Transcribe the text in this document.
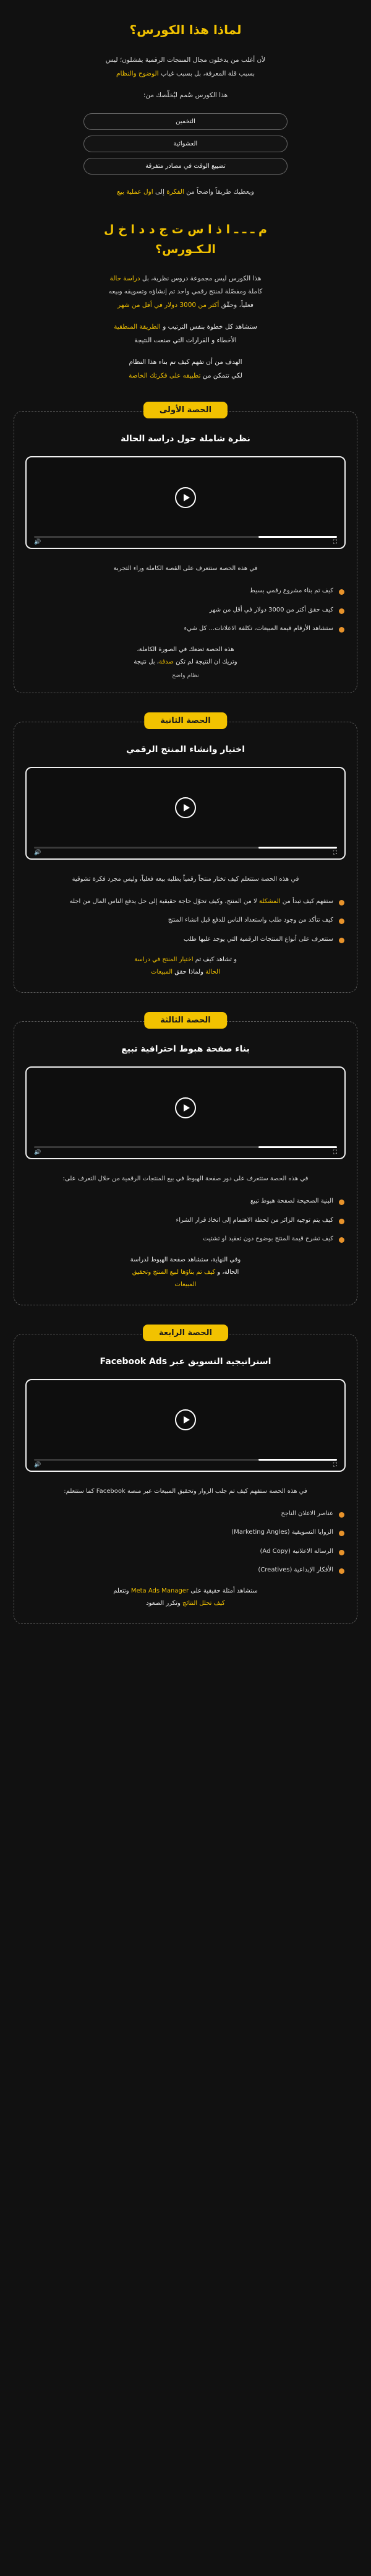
لماذا هذا الكورس؟

لأن أغلب من يدخلون مجال المنتجات الرقمية يفشلون؛ ليس
بسبب قلة المعرفة، بل بسبب غياب الوضوح والنظام

هذا الكورس صُمم ليُخلّصك من:

التخمين
العشوائية
تضييع الوقت في مصادر متفرقة

ويعطيك طريقاً واضحاً من الفكرة إلى اول عملية بيع

م ـ ـ ـ ا ذ ا س ت ج د د ا خ ل
الـكـورس؟

هذا الكورس ليس مجموعة دروس نظرية، بل دراسة حالة
كاملة ومفصّلة لمنتج رقمي واحد تم إنشاؤه وتسويقه وبيعه
فعلياً، وحقّق أكثر من 3000 دولار في أقل من شهر

ستشاهد كل خطوة بنفس الترتيب و الطريقة المنطقية
الأخطاء و القرارات التي صنعت النتيجة

الهدف من أن تفهم كيف تم بناء هذا النظام
لكي تتمكن من تطبيقه على فكرتك الخاصة

الحصة الأولى
نظرة شاملة حول دراسة الحالة
🔊	⛶

في هذه الحصة ستتعرف على القصة الكاملة وراء التجربة

كيف تم بناء مشروع رقمي بسيط
كيف حقق أكثر من 3000 دولار في أقل من شهر
ستشاهد الأرقام قيمة المبيعات، تكلفة الاعلانات... كل شيء

هذه الحصة تضعك في الصورة الكاملة،
وتريك ان النتيجة لم تكن صدفة، بل نتيجة

نظام واضح

الحصة الثانية
اختيار وانشاء المنتج الرقمي
🔊	⛶

في هذه الحصة ستتعلم كيف تختار منتجاً رقمياً يطلبه بيعه فعلياً، وليس مجرد فكرة تشوقية

ستفهم كيف تبدأ من المشكلة لا من المنتج، وكيف تحوّل حاجة حقيقية إلى حل يدفع الناس المال من اجله
كيف تتأكد من وجود طلب واستعداد الناس للدفع قبل انشاء المنتج
ستتعرف على أنواع المنتجات الرقمية التي يوجد عليها طلب

و تشاهد كيف تم اختيار المنتج في دراسة
الحالة ولماذا حقق المبيعات

الحصة الثالثة
بناء صفحة هبوط احترافية تبيع
🔊	⛶

في هذه الحصة ستتعرف على دور صفحة الهبوط في بيع المنتجات الرقمية من خلال التعرف على:

البنية الصحيحة لصفحة هبوط تبيع
كيف يتم توجيه الزائر من لحظة الاهتمام إلى اتخاذ قرار الشراء
كيف تشرح قيمة المنتج بوضوح دون تعقيد او تشتيت

وفي النهاية، ستشاهد صفحة الهبوط لدراسة
الحالة، و كيف تم بناؤها لبيع المنتج وتحقيق
المبيعات

الحصة الرابعة
استراتيجية التسويق عبر Facebook Ads
🔊	⛶

في هذه الحصة ستفهم كيف تم جلب الزوار وتحقيق المبيعات عبر منصة Facebook كما ستتعلم:

عناصر الاعلان الناجح
الزوايا التسويقية (Marketing Angles)
الرسالة الاعلانية (Ad Copy)
الأفكار الإبداعية (Creatives)

ستشاهد أمثلة حقيقية على Meta Ads Manager وتتعلم
كيف تحلل النتائج وتكرر الصعود
